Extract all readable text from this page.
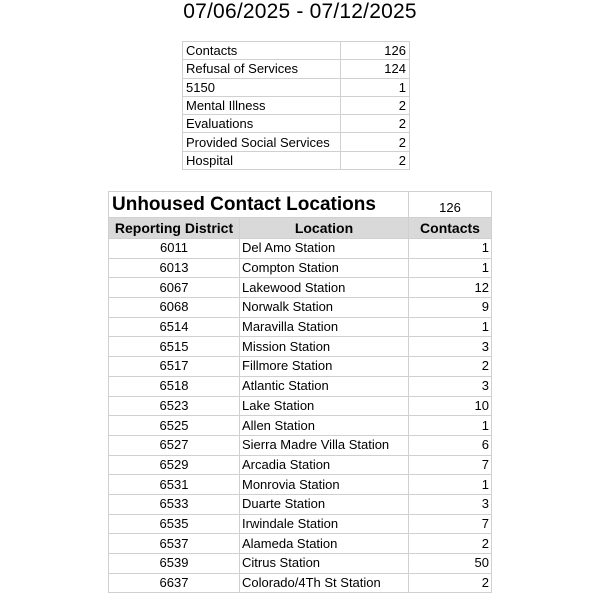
07/06/2025 - 07/12/2025
Contacts	126
Refusal of Services	124
5150	1
Mental Illness	2
Evaluations	2
Provided Social Services	2
Hospital	2
Unhoused Contact Locations		126
Reporting District	Location	Contacts
6011	Del Amo Station	1
6013	Compton Station	1
6067	Lakewood Station	12
6068	Norwalk Station	9
6514	Maravilla Station	1
6515	Mission Station	3
6517	Fillmore Station	2
6518	Atlantic Station	3
6523	Lake Station	10
6525	Allen Station	1
6527	Sierra Madre Villa Station	6
6529	Arcadia Station	7
6531	Monrovia Station	1
6533	Duarte Station	3
6535	Irwindale Station	7
6537	Alameda Station	2
6539	Citrus Station	50
6637	Colorado/4Th St Station	2
